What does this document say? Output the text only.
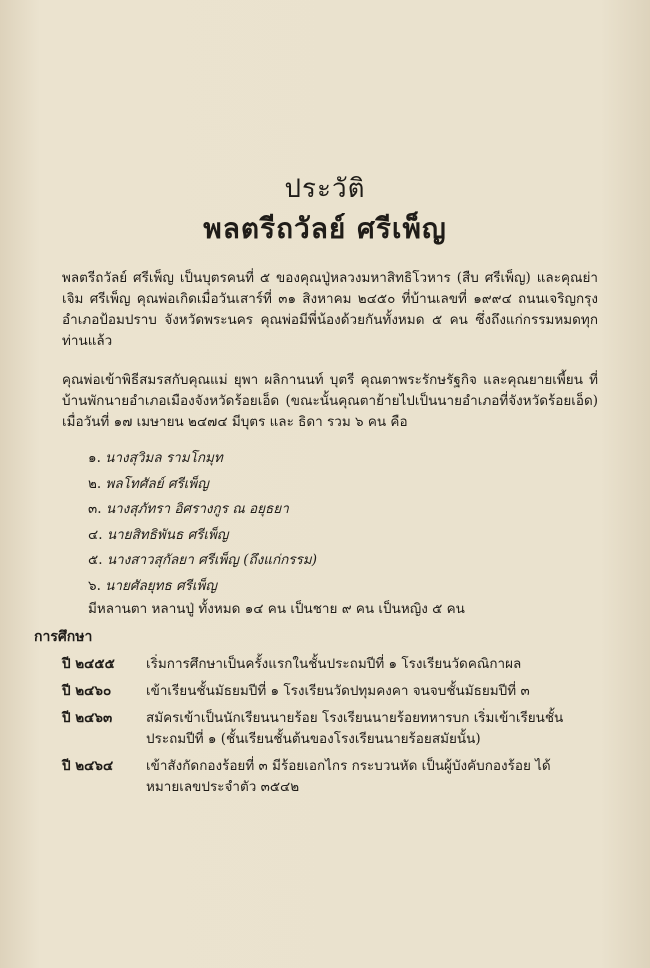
ประวัติ
พลตรีถวัลย์ ศรีเพ็ญ
พลตรีถวัลย์ ศรีเพ็ญ เป็นบุตรคนที่ ๕ ของคุณปู่หลวงมหาสิทธิโวหาร (สืบ ศรีเพ็ญ) และคุณย่าเจิม ศรีเพ็ญ คุณพ่อเกิดเมื่อวันเสาร์ที่ ๓๑ สิงหาคม ๒๔๕๐ ที่บ้านเลขที่ ๑๙๙๔ ถนนเจริญกรุง อำเภอป้อมปราบ จังหวัดพระนคร คุณพ่อมีพี่น้องด้วยกันทั้งหมด ๕ คน ซึ่งถึงแก่กรรมหมดทุกท่านแล้ว
คุณพ่อเข้าพิธีสมรสกับคุณแม่ ยุพา ผลิกานนท์ บุตรี คุณตาพระรักษรัฐกิจ และคุณยายเพี้ยน ที่บ้านพักนายอำเภอเมืองจังหวัดร้อยเอ็ด (ขณะนั้นคุณตาย้ายไปเป็นนายอำเภอที่จังหวัดร้อยเอ็ด) เมื่อวันที่ ๑๗ เมษายน ๒๔๗๔ มีบุตร และ ธิดา รวม ๖ คน คือ
๑. นางสุวิมล รามโกมุท
๒. พลโทศัลย์ ศรีเพ็ญ
๓. นางสุภัทรา อิศรางกูร ณ อยุธยา
๔. นายสิทธิพันธ ศรีเพ็ญ
๕. นางสาวสุกัลยา ศรีเพ็ญ (ถึงแก่กรรม)
๖. นายศัลยุทธ ศรีเพ็ญ
มีหลานตา หลานปู่ ทั้งหมด ๑๔ คน เป็นชาย ๙ คน เป็นหญิง ๕ คน
การศึกษา
ปี ๒๔๕๕	เริ่มการศึกษาเป็นครั้งแรกในชั้นประถมปีที่ ๑ โรงเรียนวัดคณิกาผล
ปี ๒๔๖๐	เข้าเรียนชั้นมัธยมปีที่ ๑ โรงเรียนวัดปทุมคงคา จนจบชั้นมัธยมปีที่ ๓
ปี ๒๔๖๓	สมัครเข้าเป็นนักเรียนนายร้อย โรงเรียนนายร้อยทหารบก เริ่มเข้าเรียนชั้นประถมปีที่ ๑ (ชั้นเรียนชั้นต้นของโรงเรียนนายร้อยสมัยนั้น)
ปี ๒๔๖๔	เข้าสังกัดกองร้อยที่ ๓ มีร้อยเอกไกร กระบวนหัด เป็นผู้บังคับกองร้อย ได้หมายเลขประจำตัว ๓๕๔๒
